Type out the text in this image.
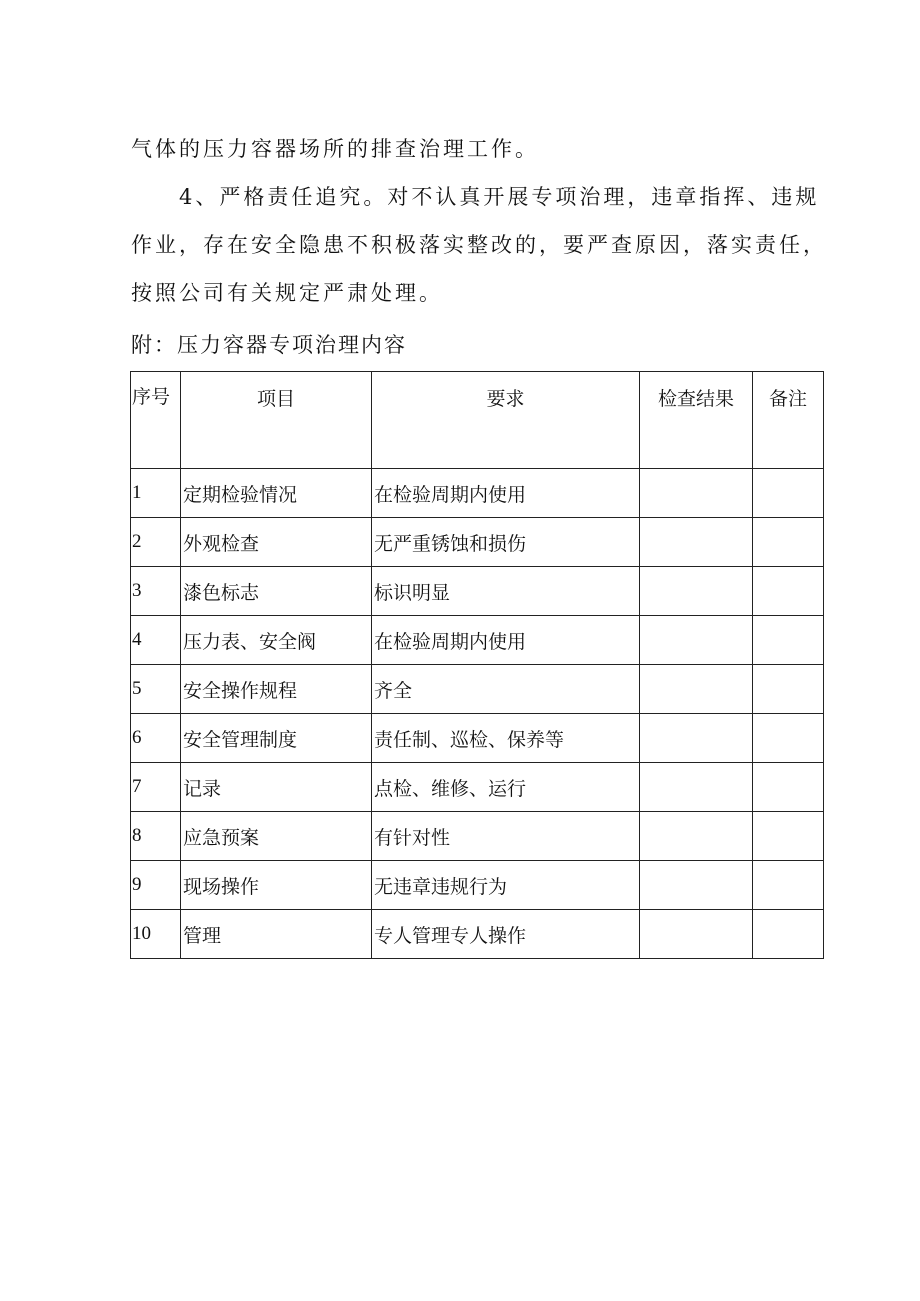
气体的压力容器场所的排查治理工作。
　　4、严格责任追究。对不认真开展专项治理，违章指挥、违规
作业，存在安全隐患不积极落实整改的，要严查原因，落实责任，
按照公司有关规定严肃处理。
附：压力容器专项治理内容
序号	项目	要求	检查结果	备注
1	定期检验情况	在检验周期内使用		
2	外观检查	无严重锈蚀和损伤		
3	漆色标志	标识明显		
4	压力表、安全阀	在检验周期内使用		
5	安全操作规程	齐全		
6	安全管理制度	责任制、巡检、保养等		
7	记录	点检、维修、运行		
8	应急预案	有针对性		
9	现场操作	无违章违规行为		
10	管理	专人管理专人操作		
